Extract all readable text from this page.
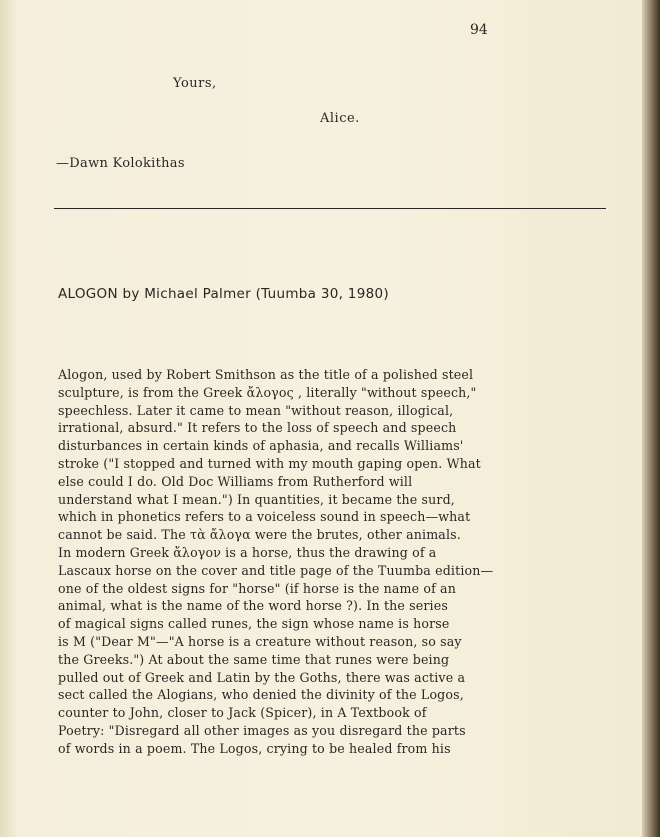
94
Yours,
Alice.
—Dawn Kolokithas
ALOGON by Michael Palmer (Tuumba 30, 1980)
Alogon, used by Robert Smithson as the title of a polished steel
sculpture, is from the Greek ἄλογος , literally "without speech,"
speechless. Later it came to mean "without reason, illogical,
irrational, absurd." It refers to the loss of speech and speech
disturbances in certain kinds of aphasia, and recalls Williams'
stroke ("I stopped and turned with my mouth gaping open. What
else could I do. Old Doc Williams from Rutherford will
understand what I mean.") In quantities, it became the surd,
which in phonetics refers to a voiceless sound in speech—what
cannot be said. The τὰ ἄλογα were the brutes, other animals.
In modern Greek ἄλογον is a horse, thus the drawing of a
Lascaux horse on the cover and title page of the Tuumba edition—
one of the oldest signs for "horse" (if horse is the name of an
animal, what is the name of the word horse ?). In the series
of magical signs called runes, the sign whose name is horse
is M ("Dear M"—"A horse is a creature without reason, so say
the Greeks.") At about the same time that runes were being
pulled out of Greek and Latin by the Goths, there was active a
sect called the Alogians, who denied the divinity of the Logos,
counter to John, closer to Jack (Spicer), in A Textbook of
Poetry: "Disregard all other images as you disregard the parts
of words in a poem. The Logos, crying to be healed from his
